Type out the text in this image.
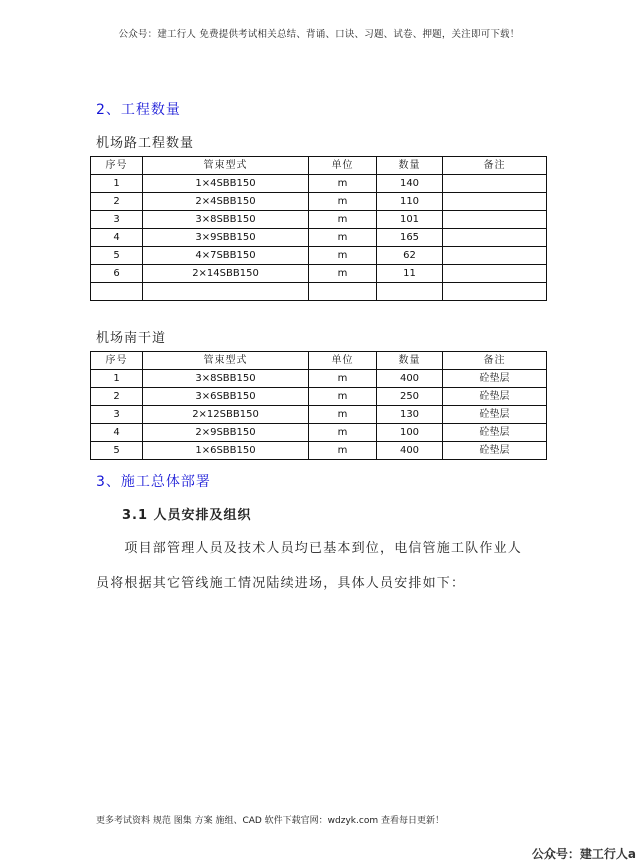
公众号：建工行人 免费提供考试相关总结、背诵、口诀、习题、试卷、押题，关注即可下载！
2、工程数量
机场路工程数量
序号	管束型式	单位	数量	备注
1	1×4SBB150	m	140	
2	2×4SBB150	m	110	
3	3×8SBB150	m	101	
4	3×9SBB150	m	165	
5	4×7SBB150	m	62	
6	2×14SBB150	m	11	

机场南干道
序号	管束型式	单位	数量	备注
1	3×8SBB150	m	400	砼垫层
2	3×6SBB150	m	250	砼垫层
3	2×12SBB150	m	130	砼垫层
4	2×9SBB150	m	100	砼垫层
5	1×6SBB150	m	400	砼垫层
3、施工总体部署
3.1 人员安排及组织
　　项目部管理人员及技术人员均已基本到位，电信管施工队作业人
员将根据其它管线施工情况陆续进场，具体人员安排如下：
更多考试资料 规范 图集 方案 施组、CAD 软件下载官网：wdzyk.com 查看每日更新！
公众号：建工行人a
